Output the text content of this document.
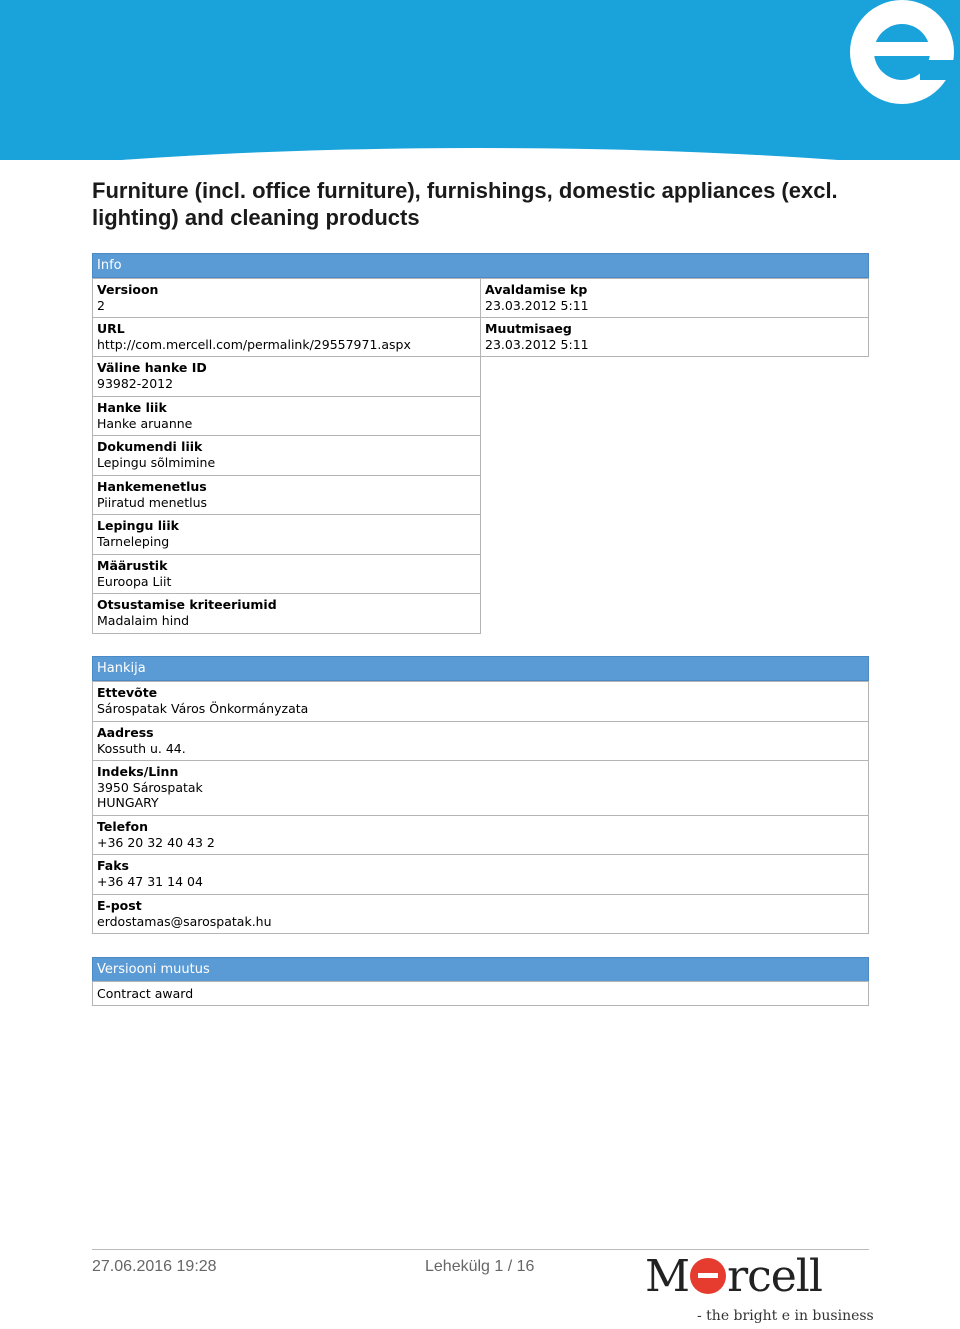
Furniture (incl. office furniture), furnishings, domestic appliances (excl. lighting) and cleaning products
Info
Versioon
2
Avaldamise kp
23.03.2012 5:11
URL
http://com.mercell.com/permalink/29557971.aspx
Muutmisaeg
23.03.2012 5:11
Väline hanke ID
93982-2012
Hanke liik
Hanke aruanne
Dokumendi liik
Lepingu sõlmimine
Hankemenetlus
Piiratud menetlus
Lepingu liik
Tarneleping
Määrustik
Euroopa Liit
Otsustamise kriteeriumid
Madalaim hind
Hankija
Ettevõte
Sárospatak Város Önkormányzata
Aadress
Kossuth u. 44.
Indeks/Linn
3950 Sárospatak
HUNGARY
Telefon
+36 20 32 40 43 2
Faks
+36 47 31 14 04
E-post
erdostamas@sarospatak.hu
Versiooni muutus
Contract award
27.06.2016 19:28	Lehekülg 1 / 16	M rcell
- the bright e in business
